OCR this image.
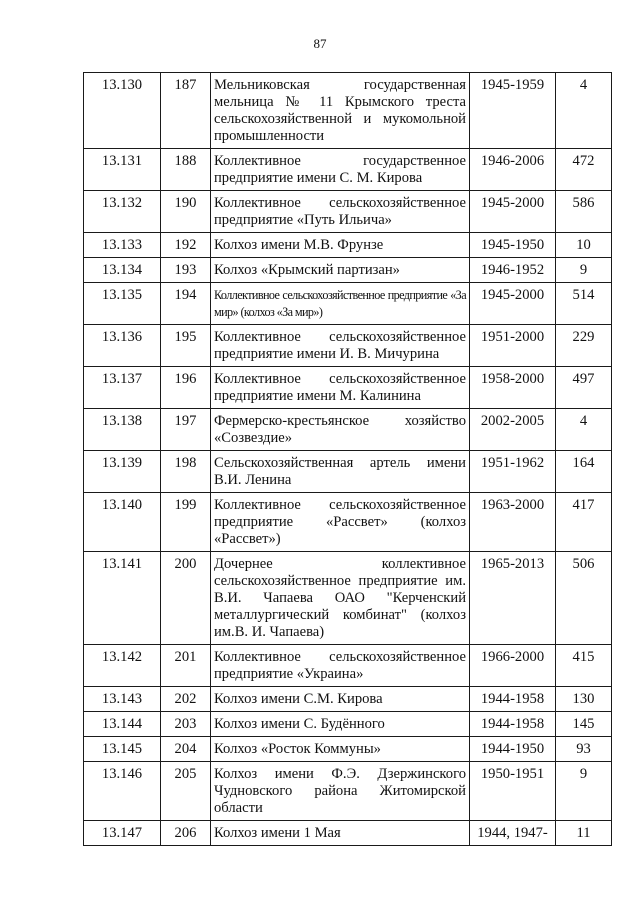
87
13.130	187	Мельниковская государственная мельница № 11 Крымского треста сельскохозяйственной и мукомольной промышленности	1945-1959	4
13.131	188	Коллективное государственное предприятие имени С. М. Кирова	1946-2006	472
13.132	190	Коллективное сельскохозяйственное предприятие «Путь Ильича»	1945-2000	586
13.133	192	Колхоз имени М.В. Фрунзе	1945-1950	10
13.134	193	Колхоз «Крымский партизан»	1946-1952	9
13.135	194	Коллективное сельскохозяйственное предприятие «За мир» (колхоз «За мир»)	1945-2000	514
13.136	195	Коллективное сельскохозяйственное предприятие имени И. В. Мичурина	1951-2000	229
13.137	196	Коллективное сельскохозяйственное предприятие имени М. Калинина	1958-2000	497
13.138	197	Фермерско-крестьянское хозяйство «Созвездие»	2002-2005	4
13.139	198	Сельскохозяйственная артель имени В.И. Ленина	1951-1962	164
13.140	199	Коллективное сельскохозяйственное предприятие «Рассвет» (колхоз «Рассвет»)	1963-2000	417
13.141	200	Дочернее коллективное сельскохозяйственное предприятие им. В.И. Чапаева ОАО "Керченский металлургический комбинат" (колхоз им.В. И. Чапаева)	1965-2013	506
13.142	201	Коллективное сельскохозяйственное предприятие «Украина»	1966-2000	415
13.143	202	Колхоз имени С.М. Кирова	1944-1958	130
13.144	203	Колхоз имени С. Будённого	1944-1958	145
13.145	204	Колхоз «Росток Коммуны»	1944-1950	93
13.146	205	Колхоз имени Ф.Э. Дзержинского Чудновского района Житомирской области	1950-1951	9
13.147	206	Колхоз имени 1 Мая	1944, 1947-	11
